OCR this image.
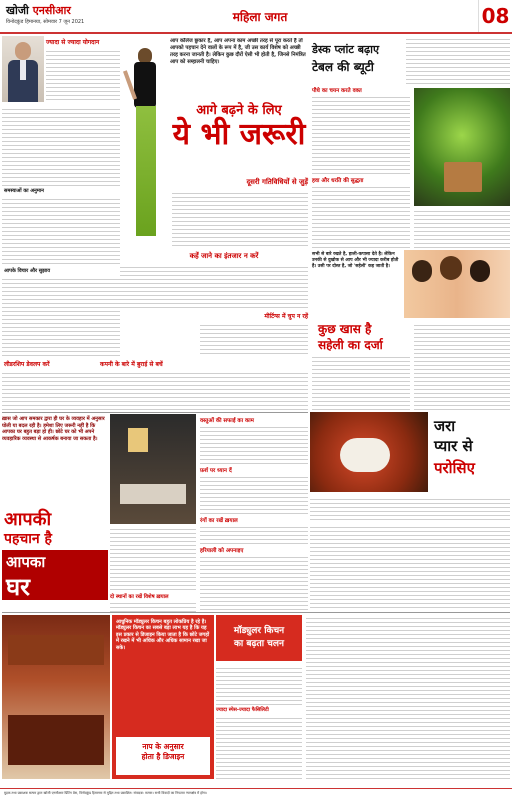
खोजी एनसीआर
विनोदकुंड हिमानया, सोमवार 7 जून 2021	महिला जगत	08
ज्यादा से ज्यादा योगदान
समस्याओं का अनुमान
आपके विचार और सुझाव
आप कॉलेज छुकार है, आप अपना काम अच्छी तरह से पूरा करते है तो आपको पहचान देने वालों के रूप में है, जी उस कार्य विशेष को अच्छी तरह करना जानती है। लेकिन कुछ दौरों ऐसी भी होती है, जिनसे निमंत्रित आप को सम्हालनी चाहिए।
आगे बढ़ने के लिए
ये भी जरूरी
दूसरी गतिविधियों से जुड़ें
कहें जाने का इंतजार न करें
मीटिंग्स में चुप न रहें
लीडरशिप डेवलप करें	कपनी के बारे में बुराई से बचें
डेस्क प्लांट बढ़ाए
टेबल की ब्यूटी
पौधे का चयन करते वक्त
हवा और धरति की सुद्धता
सभी से बारे रखते है, हाली-कपासा देते है। लेकिन उनकी से दुखोक से आप और भी ज्यादा करीब होती है। उसी पर दोस्त है, जो 'सहेली' कह जाती है।
कुछ खास है
सहेली का दर्जा
ख़ास जो आप समकार द्वारा ही घर के व्यवहार में अनुसार घोली या बदल रही है। हमेशा लिए जरूरी नहीं है कि आपका घर बहुत बड़ा हो ही। छोटे घर को भी अपने व्यवहारिक व्यवस्था से आकर्षक बनाया जा सकता है।
वस्तुओं की सफाई का काम
फ़र्श पर ध्यान दें
रंगों का रखें ख़याल
हरियाली को अपनाइए
आपकी
पहचान है
आपका
घर	दो स्थानों का रखें विशेष ख़याल
जरा
प्यार से
परोसिए
आधुनिक मॉड्युलर किचन बहुत लोकप्रिय है रहे है। मॉड्युलर किचन का सबसे बड़ा लाभ यह है कि यह इस प्रकार से डिजाइन किया जाता है कि छोटे जगहों में रखने में भी अधिक और अधिक सामान रखा जा सके।
नाप के अनुसार
होता है डिजाइन
मॉड्युलर किचन
का बढ़ता चलन
ज्यादा स्पेस-ज्यादा फैसिलिटी
मुद्रक तथा प्रकाशक सत्यम द्वारा खोजी एनसीआर प्रिंटिंग प्रेस, विनोदकुंड हिमानया से मुद्रित तथा प्रकाशित। संपादक: सत्यम। सभी विवादों का निपटारा न्यायक्षेत्र में होगा।
